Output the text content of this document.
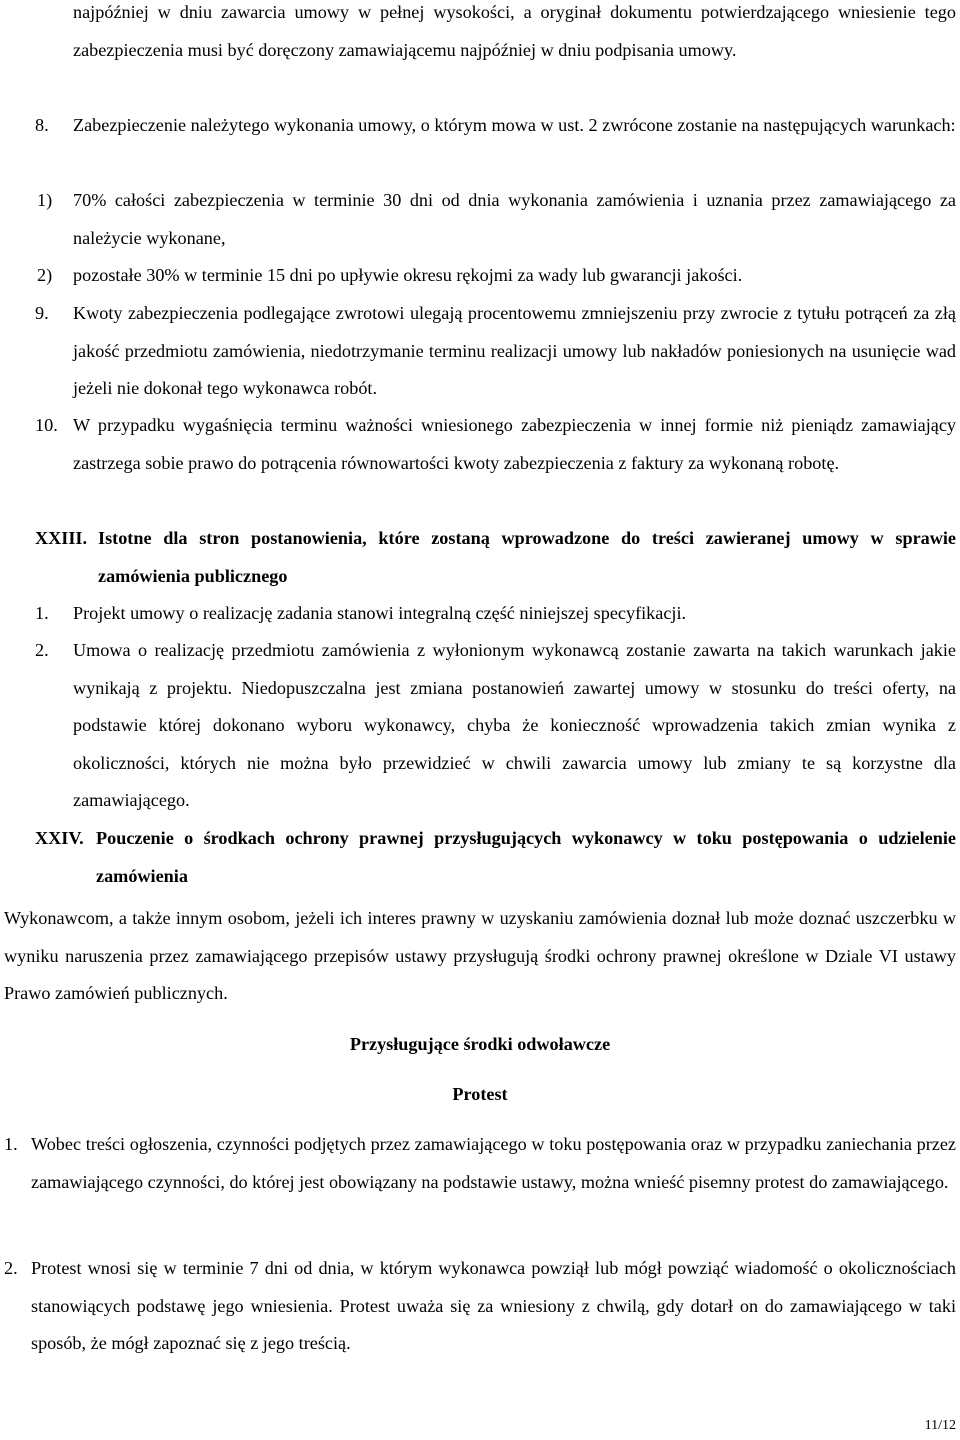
najpóźniej w dniu zawarcia umowy w pełnej wysokości, a oryginał dokumentu potwierdzającego wniesienie tego zabezpieczenia musi być doręczony zamawiającemu najpóźniej w dniu podpisania umowy.

8. Zabezpieczenie należytego wykonania umowy, o którym mowa w ust. 2 zwrócone zostanie na następujących warunkach:

1) 70% całości zabezpieczenia w terminie 30 dni od dnia wykonania zamówienia i uznania przez zamawiającego za należycie wykonane,

2) pozostałe 30% w terminie 15 dni po upływie okresu rękojmi za wady lub gwarancji jakości.

9. Kwoty zabezpieczenia podlegające zwrotowi ulegają procentowemu zmniejszeniu przy zwrocie z tytułu potrąceń za złą jakość przedmiotu zamówienia, niedotrzymanie terminu realizacji umowy lub nakładów poniesionych na usunięcie wad jeżeli nie dokonał tego wykonawca robót.

10. W przypadku wygaśnięcia terminu ważności wniesionego zabezpieczenia w innej formie niż pieniądz zamawiający zastrzega sobie prawo do potrącenia równowartości kwoty zabezpieczenia z faktury za wykonaną robotę.

XXIII. Istotne dla stron postanowienia, które zostaną wprowadzone do treści zawieranej umowy w sprawie zamówienia publicznego

1. Projekt umowy o realizację zadania stanowi integralną część niniejszej specyfikacji.

2. Umowa o realizację przedmiotu zamówienia z wyłonionym wykonawcą zostanie zawarta na takich warunkach jakie wynikają z projektu. Niedopuszczalna jest zmiana postanowień zawartej umowy w stosunku do treści oferty, na podstawie której dokonano wyboru wykonawcy, chyba że konieczność wprowadzenia takich zmian wynika z okoliczności, których nie można było przewidzieć w chwili zawarcia umowy lub zmiany te są korzystne dla zamawiającego.

XXIV. Pouczenie o środkach ochrony prawnej przysługujących wykonawcy w toku postępowania o udzielenie zamówienia

Wykonawcom, a także innym osobom, jeżeli ich interes prawny w uzyskaniu zamówienia doznał lub może doznać uszczerbku w wyniku naruszenia przez zamawiającego przepisów ustawy przysługują środki ochrony prawnej określone w Dziale VI ustawy Prawo zamówień publicznych.

Przysługujące środki odwoławcze

Protest

1. Wobec treści ogłoszenia, czynności podjętych przez zamawiającego w toku postępowania oraz w przypadku zaniechania przez zamawiającego czynności, do której jest obowiązany na podstawie ustawy, można wnieść pisemny protest do zamawiającego.

2. Protest wnosi się w terminie 7 dni od dnia, w którym wykonawca powziął lub mógł powziąć wiadomość o okolicznościach stanowiących podstawę jego wniesienia. Protest uważa się za wniesiony z chwilą, gdy dotarł on do zamawiającego w taki sposób, że mógł zapoznać się z jego treścią.

11/12
